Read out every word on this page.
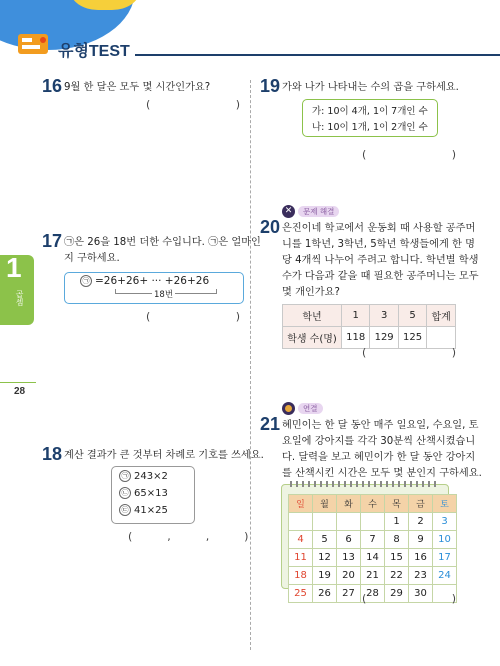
유형TEST
1
곱셈
28
16 9월 한 달은 모두 몇 시간인가요?
(	)
17 ㉠은 26을 18번 더한 수입니다. ㉠은 얼마인
지 구하세요.
㉠ =26+26+ ··· +26+26
18번
(	)
18 계산 결과가 큰 것부터 차례로 기호를 쓰세요.
㉠ 243×2
㉡ 65×13
㉢ 41×25
(          ,          ,          )
19 가와 나가 나타내는 수의 곱을 구하세요.
가: 10이 4개, 1이 7개인 수
나: 10이 1개, 1이 2개인 수
(	)
✕	문제 해결
20 은진이네 학교에서 운동회 때 사용할 공주머
니를 1학년, 3학년, 5학년 학생들에게 한 명
당 4개씩 나누어 주려고 합니다. 학년별 학생
수가 다음과 같을 때 필요한 공주머니는 모두
몇 개인가요?
학년	1	3	5	합계
학생 수(명)	118	129	125	
(	)
연결
21 혜민이는 한 달 동안 매주 일요일, 수요일, 토
요일에 강아지를 각각 30분씩 산책시켰습니
다. 달력을 보고 혜민이가 한 달 동안 강아지
를 산책시킨 시간은 모두 몇 분인지 구하세요.
일	월	화	수	목	금	토
				1	2	3
4	5	6	7	8	9	10
11	12	13	14	15	16	17
18	19	20	21	22	23	24
25	26	27	28	29	30	
(	)
